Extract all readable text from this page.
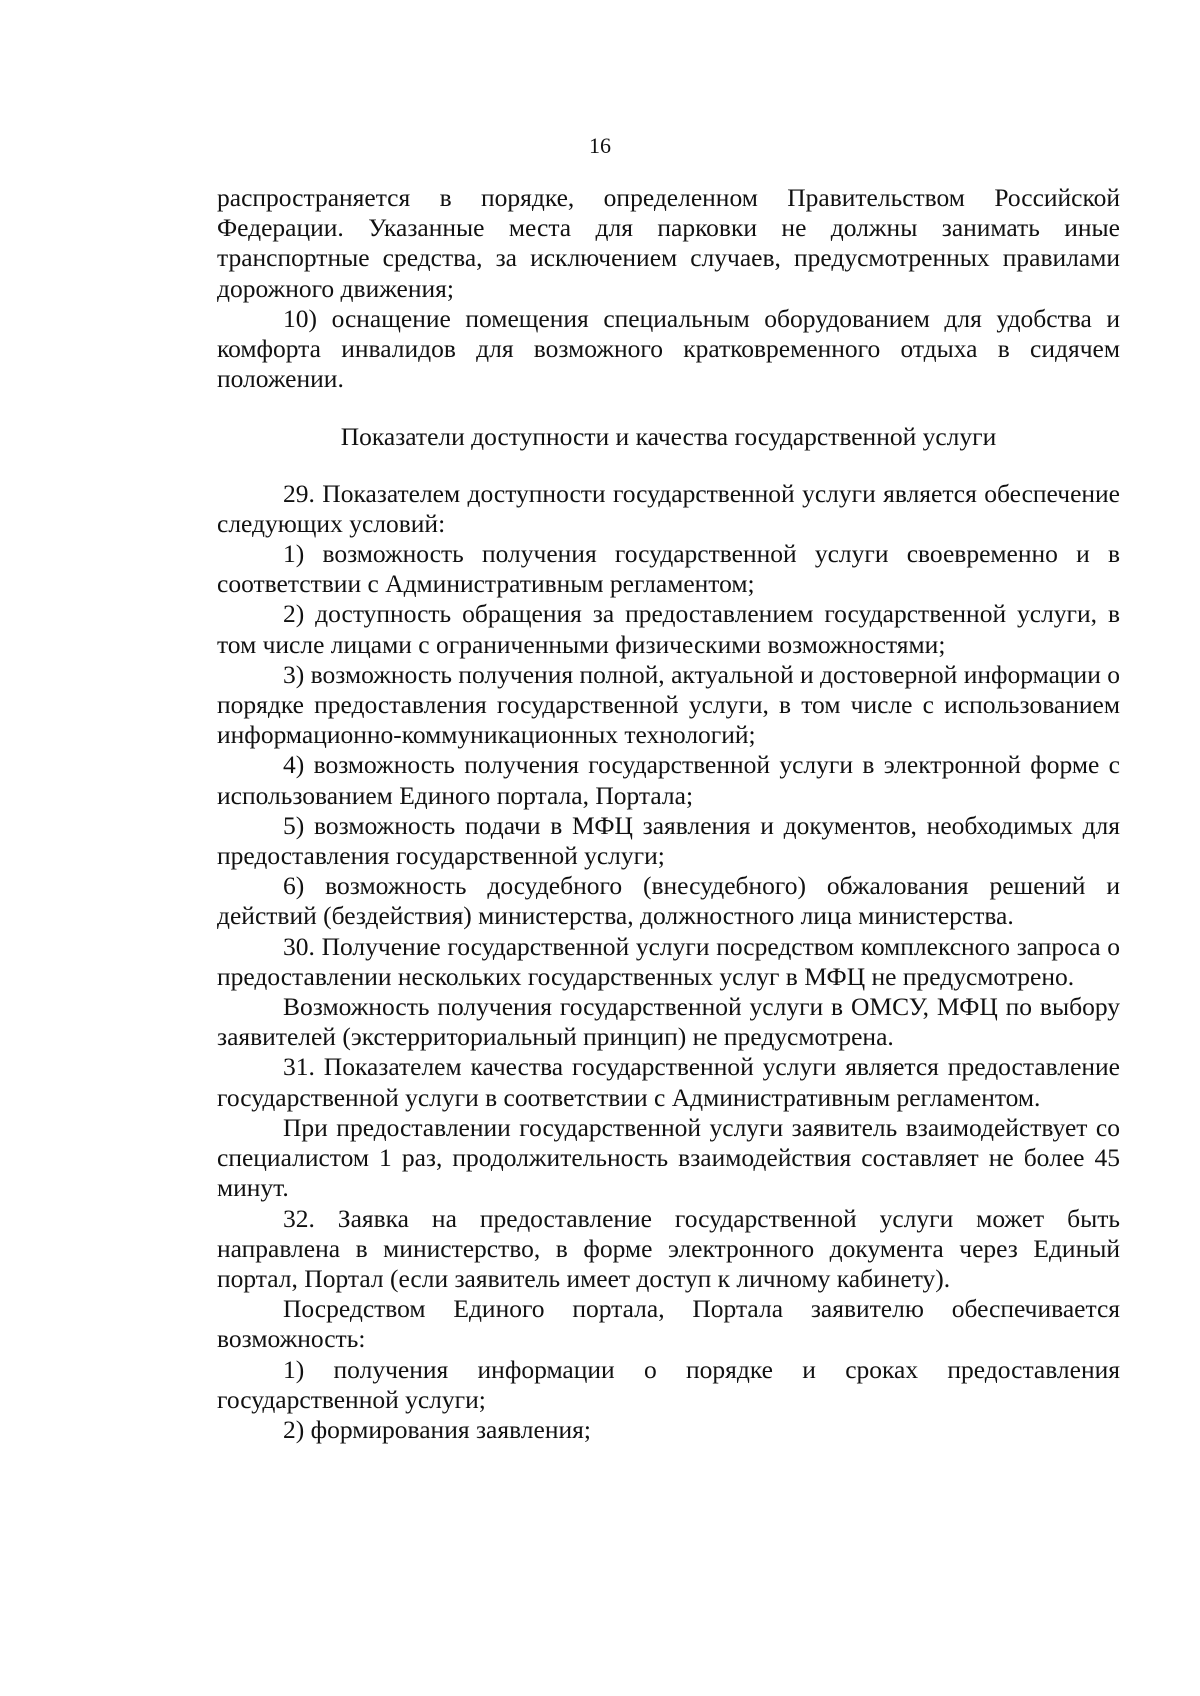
16

распространяется в порядке, определенном Правительством Российской Федерации. Указанные места для парковки не должны занимать иные транспортные средства, за исключением случаев, предусмотренных правилами дорожного движения;

10) оснащение помещения специальным оборудованием для удобства и комфорта инвалидов для возможного кратковременного отдыха в сидячем положении.

Показатели доступности и качества государственной услуги

29. Показателем доступности государственной услуги является обеспечение следующих условий:

1) возможность получения государственной услуги своевременно и в соответствии с Административным регламентом;

2) доступность обращения за предоставлением государственной услуги, в том числе лицами с ограниченными физическими возможностями;

3) возможность получения полной, актуальной и достоверной информации о порядке предоставления государственной услуги, в том числе с использованием информационно-коммуникационных технологий;

4) возможность получения государственной услуги в электронной форме с использованием Единого портала, Портала;

5) возможность подачи в МФЦ заявления и документов, необходимых для предоставления государственной услуги;

6) возможность досудебного (внесудебного) обжалования решений и действий (бездействия) министерства, должностного лица министерства.

30. Получение государственной услуги посредством комплексного запроса о предоставлении нескольких государственных услуг в МФЦ не предусмотрено.

Возможность получения государственной услуги в ОМСУ, МФЦ по выбору заявителей (экстерриториальный принцип) не предусмотрена.

31. Показателем качества государственной услуги является предоставление государственной услуги в соответствии с Административным регламентом.

При предоставлении государственной услуги заявитель взаимодействует со специалистом 1 раз, продолжительность взаимодействия составляет не более 45 минут.

32. Заявка на предоставление государственной услуги может быть направлена в министерство, в форме электронного документа через Единый портал, Портал (если заявитель имеет доступ к личному кабинету).

Посредством Единого портала, Портала заявителю обеспечивается возможность:

1) получения информации о порядке и сроках предоставления государственной услуги;

2) формирования заявления;
